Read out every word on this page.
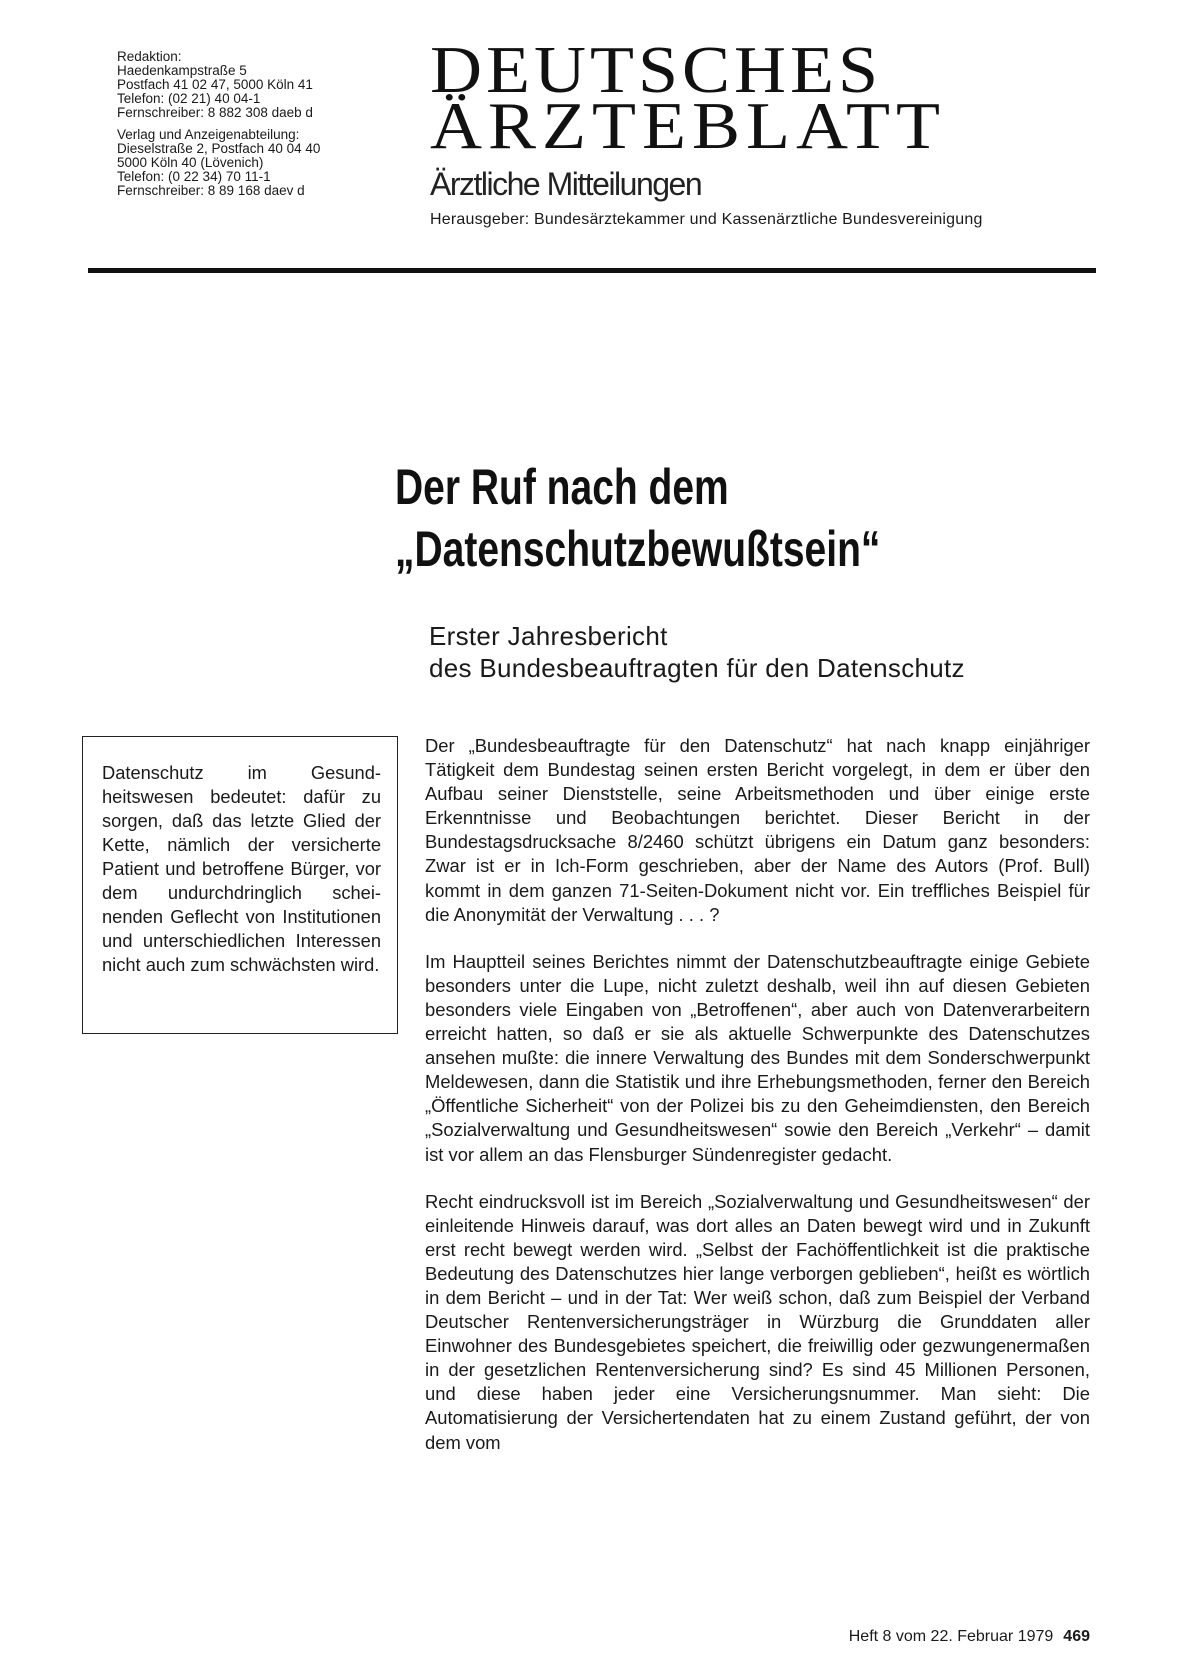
Redaktion:
Haedenkampstraße 5
Postfach 41 02 47, 5000 Köln 41
Telefon: (02 21) 40 04-1
Fernschreiber: 8 882 308 daeb d
Verlag und Anzeigenabteilung:
Dieselstraße 2, Postfach 40 04 40
5000 Köln 40 (Lövenich)
Telefon: (0 22 34) 70 11-1
Fernschreiber: 8 89 168 daev d
DEUTSCHES
ÄRZTEBLATT
Ärztliche Mitteilungen
Herausgeber: Bundesärztekammer und Kassenärztliche Bundesvereinigung
Der Ruf nach dem
„Datenschutzbewußtsein“
Erster Jahresbericht
des Bundesbeauftragten für den Datenschutz
Datenschutz im Gesundheitswesen bedeutet: dafür zu sorgen, daß das letzte Glied der Kette, nämlich der versicherte Patient und betroffene Bürger, vor dem undurchdringlich scheinenden Geflecht von Institutionen und unterschiedlichen Interessen nicht auch zum schwächsten wird.

Der „Bundesbeauftragte für den Datenschutz“ hat nach knapp einjähriger Tätigkeit dem Bundestag seinen ersten Bericht vorgelegt, in dem er über den Aufbau seiner Dienststelle, seine Arbeitsmethoden und über einige erste Erkenntnisse und Beobachtungen berichtet. Dieser Bericht in der Bundestagsdrucksache 8/2460 schützt übrigens ein Datum ganz besonders: Zwar ist er in Ich-Form geschrieben, aber der Name des Autors (Prof. Bull) kommt in dem ganzen 71-Seiten-Dokument nicht vor. Ein treffliches Beispiel für die Anonymität der Verwaltung . . . ?

Im Hauptteil seines Berichtes nimmt der Datenschutzbeauftragte einige Gebiete besonders unter die Lupe, nicht zuletzt deshalb, weil ihn auf diesen Gebieten besonders viele Eingaben von „Betroffenen“, aber auch von Datenverarbeitern erreicht hatten, so daß er sie als aktuelle Schwerpunkte des Datenschutzes ansehen mußte: die innere Verwaltung des Bundes mit dem Sonderschwerpunkt Meldewesen, dann die Statistik und ihre Erhebungsmethoden, ferner den Bereich „Öffentliche Sicherheit“ von der Polizei bis zu den Geheimdiensten, den Bereich „Sozialverwaltung und Gesundheitswesen“ sowie den Bereich „Verkehr“ – damit ist vor allem an das Flensburger Sündenregister gedacht.

Recht eindrucksvoll ist im Bereich „Sozialverwaltung und Gesundheitswesen“ der einleitende Hinweis darauf, was dort alles an Daten bewegt wird und in Zukunft erst recht bewegt werden wird. „Selbst der Fachöffentlichkeit ist die praktische Bedeutung des Datenschutzes hier lange verborgen geblieben“, heißt es wörtlich in dem Bericht – und in der Tat: Wer weiß schon, daß zum Beispiel der Verband Deutscher Rentenversicherungsträger in Würzburg die Grunddaten aller Einwohner des Bundesgebietes speichert, die freiwillig oder gezwungenermaßen in der gesetzlichen Rentenversicherung sind? Es sind 45 Millionen Personen, und diese haben jeder eine Versicherungsnummer. Man sieht: Die Automatisierung der Versichertendaten hat zu einem Zustand geführt, der von dem vom

Heft 8 vom 22. Februar 1979 469
